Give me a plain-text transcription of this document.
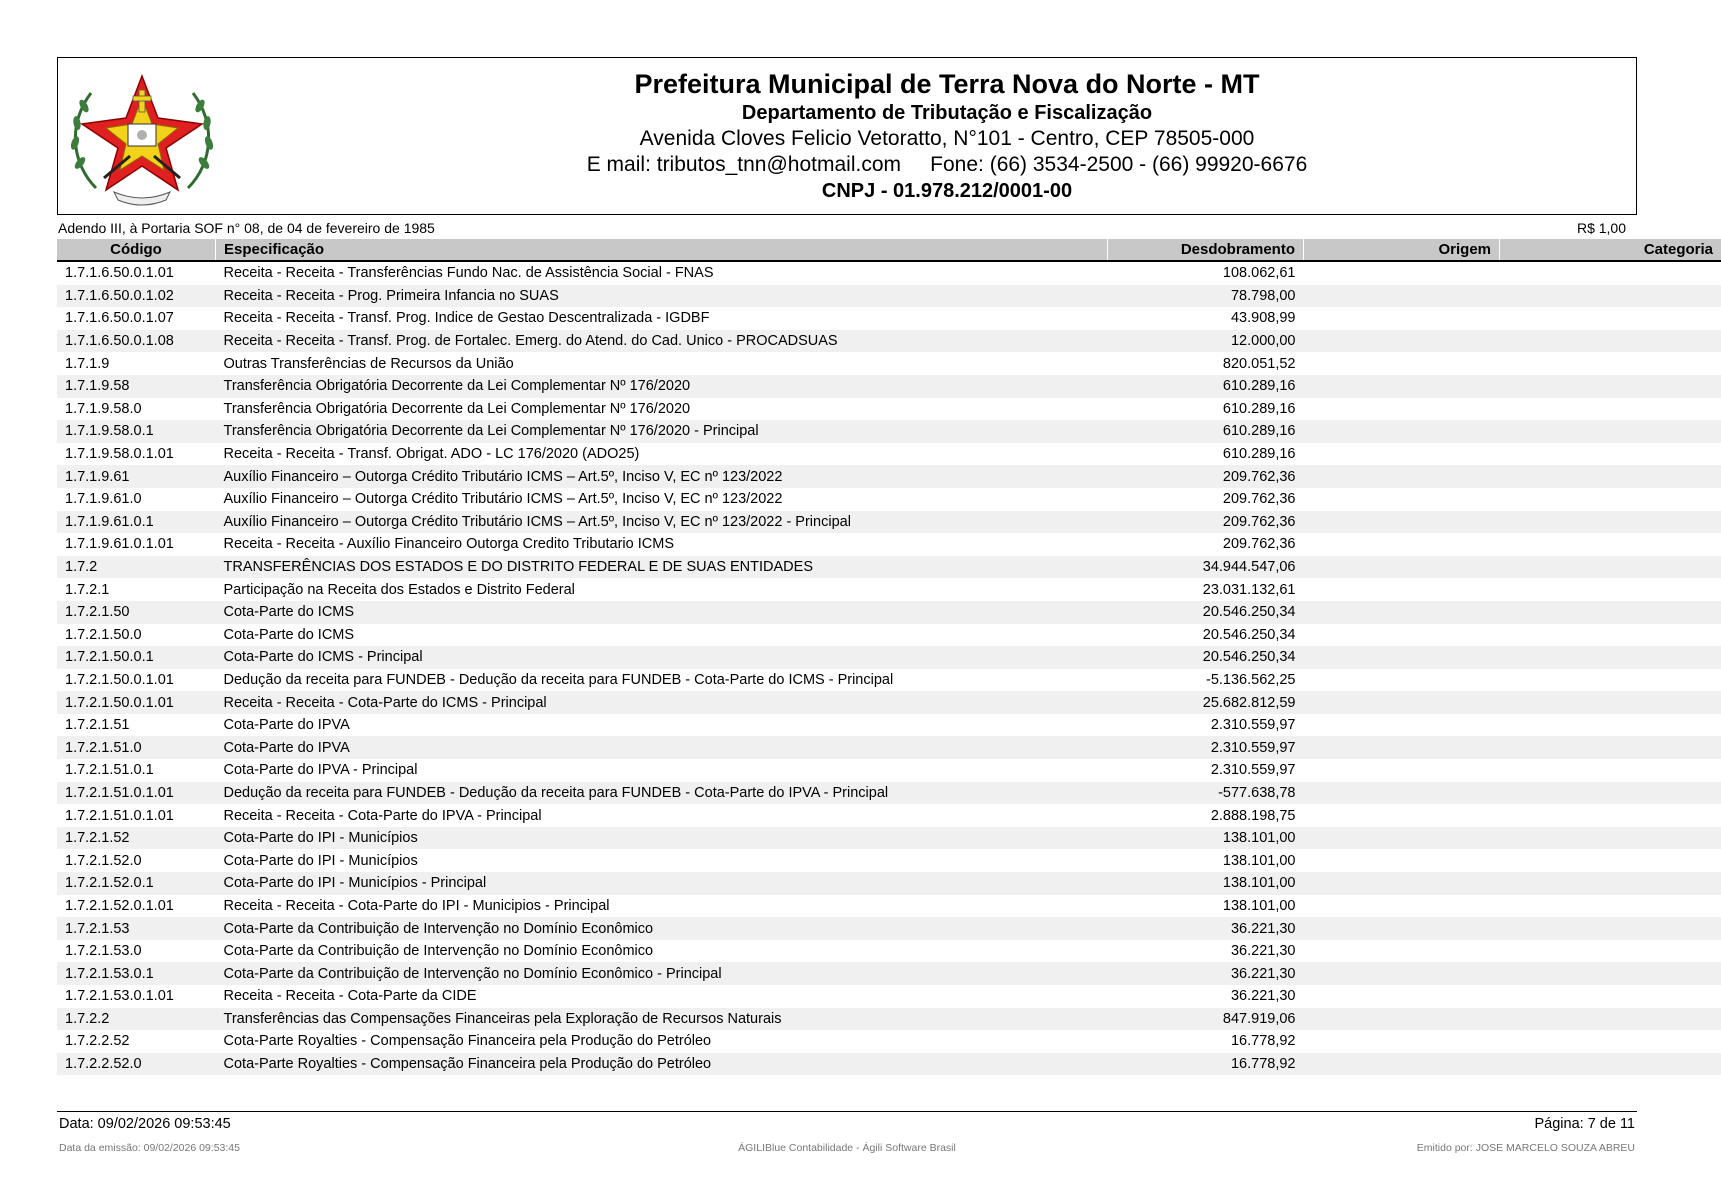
Prefeitura Municipal de Terra Nova do Norte - MT
Departamento de Tributação e Fiscalização
Avenida Cloves Felicio Vetoratto, N°101 - Centro, CEP 78505-000
E mail: tributos_tnn@hotmail.com     Fone: (66) 3534-2500 - (66) 99920-6676
CNPJ - 01.978.212/0001-00
Adendo III, à Portaria SOF n° 08, de 04 de fevereiro de 1985	R$ 1,00
Código	Especificação	Desdobramento	Origem	Categoria
1.7.1.6.50.0.1.01	Receita - Receita - Transferências Fundo Nac. de Assistência Social - FNAS	108.062,61		
1.7.1.6.50.0.1.02	Receita - Receita - Prog. Primeira Infancia no SUAS	78.798,00		
1.7.1.6.50.0.1.07	Receita - Receita - Transf. Prog. Indice de Gestao Descentralizada - IGDBF	43.908,99		
1.7.1.6.50.0.1.08	Receita - Receita - Transf. Prog. de Fortalec. Emerg. do Atend. do Cad. Unico - PROCADSUAS	12.000,00		
1.7.1.9	Outras Transferências de Recursos da União	820.051,52		
1.7.1.9.58	Transferência Obrigatória Decorrente da Lei Complementar Nº 176/2020	610.289,16		
1.7.1.9.58.0	Transferência Obrigatória Decorrente da Lei Complementar Nº 176/2020	610.289,16		
1.7.1.9.58.0.1	Transferência Obrigatória Decorrente da Lei Complementar Nº 176/2020 - Principal	610.289,16		
1.7.1.9.58.0.1.01	Receita - Receita - Transf. Obrigat. ADO - LC 176/2020 (ADO25)	610.289,16		
1.7.1.9.61	Auxílio Financeiro – Outorga Crédito Tributário ICMS – Art.5º, Inciso V, EC nº 123/2022	209.762,36		
1.7.1.9.61.0	Auxílio Financeiro – Outorga Crédito Tributário ICMS – Art.5º, Inciso V, EC nº 123/2022	209.762,36		
1.7.1.9.61.0.1	Auxílio Financeiro – Outorga Crédito Tributário ICMS – Art.5º, Inciso V, EC nº 123/2022 - Principal	209.762,36		
1.7.1.9.61.0.1.01	Receita - Receita - Auxílio Financeiro Outorga Credito Tributario ICMS	209.762,36		
1.7.2	TRANSFERÊNCIAS DOS ESTADOS E DO DISTRITO FEDERAL E DE SUAS ENTIDADES	34.944.547,06		
1.7.2.1	Participação na Receita dos Estados e Distrito Federal	23.031.132,61		
1.7.2.1.50	Cota-Parte do ICMS	20.546.250,34		
1.7.2.1.50.0	Cota-Parte do ICMS	20.546.250,34		
1.7.2.1.50.0.1	Cota-Parte do ICMS - Principal	20.546.250,34		
1.7.2.1.50.0.1.01	Dedução da receita para FUNDEB - Dedução da receita para FUNDEB - Cota-Parte do ICMS - Principal	-5.136.562,25		
1.7.2.1.50.0.1.01	Receita - Receita - Cota-Parte do ICMS - Principal	25.682.812,59		
1.7.2.1.51	Cota-Parte do IPVA	2.310.559,97		
1.7.2.1.51.0	Cota-Parte do IPVA	2.310.559,97		
1.7.2.1.51.0.1	Cota-Parte do IPVA - Principal	2.310.559,97		
1.7.2.1.51.0.1.01	Dedução da receita para FUNDEB - Dedução da receita para FUNDEB - Cota-Parte do IPVA - Principal	-577.638,78		
1.7.2.1.51.0.1.01	Receita - Receita - Cota-Parte do IPVA - Principal	2.888.198,75		
1.7.2.1.52	Cota-Parte do IPI - Municípios	138.101,00		
1.7.2.1.52.0	Cota-Parte do IPI - Municípios	138.101,00		
1.7.2.1.52.0.1	Cota-Parte do IPI - Municípios - Principal	138.101,00		
1.7.2.1.52.0.1.01	Receita - Receita - Cota-Parte do IPI - Municipios - Principal	138.101,00		
1.7.2.1.53	Cota-Parte da Contribuição de Intervenção no Domínio Econômico	36.221,30		
1.7.2.1.53.0	Cota-Parte da Contribuição de Intervenção no Domínio Econômico	36.221,30		
1.7.2.1.53.0.1	Cota-Parte da Contribuição de Intervenção no Domínio Econômico - Principal	36.221,30		
1.7.2.1.53.0.1.01	Receita - Receita - Cota-Parte da CIDE	36.221,30		
1.7.2.2	Transferências das Compensações Financeiras pela Exploração de Recursos Naturais	847.919,06		
1.7.2.2.52	Cota-Parte Royalties - Compensação Financeira pela Produção do Petróleo	16.778,92		
1.7.2.2.52.0	Cota-Parte Royalties - Compensação Financeira pela Produção do Petróleo	16.778,92		
Data: 09/02/2026 09:53:45	Página: 7 de 11
Data da emissão: 09/02/2026 09:53:45	ÁGILIBlue Contabilidade - Ágili Software Brasil	Emitido por: JOSE MARCELO SOUZA ABREU
